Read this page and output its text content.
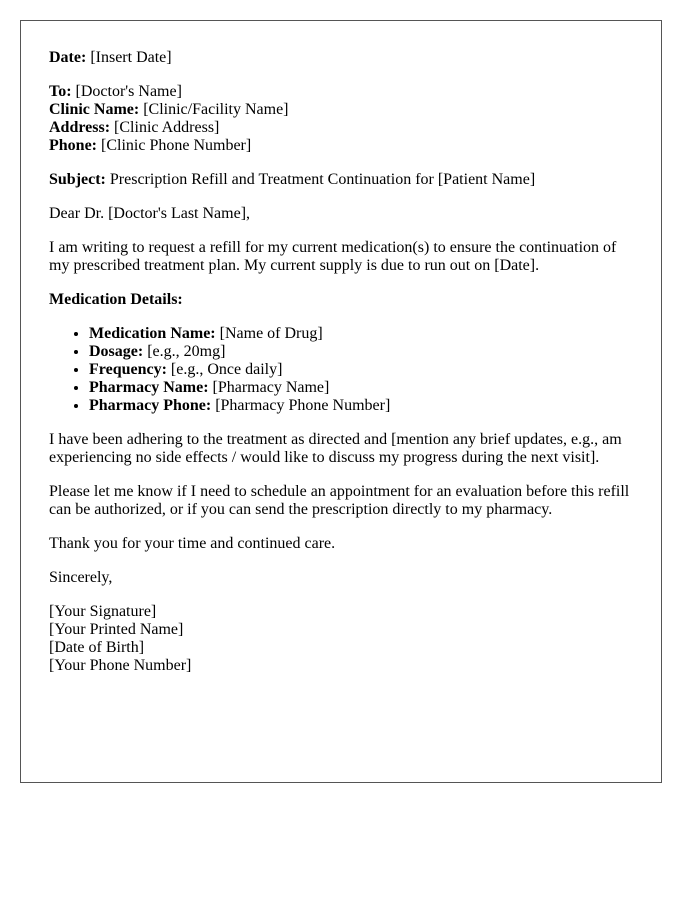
Date: [Insert Date]

To: [Doctor's Name]
Clinic Name: [Clinic/Facility Name]
Address: [Clinic Address]
Phone: [Clinic Phone Number]

Subject: Prescription Refill and Treatment Continuation for [Patient Name]

Dear Dr. [Doctor's Last Name],

I am writing to request a refill for my current medication(s) to ensure the continuation of my prescribed treatment plan. My current supply is due to run out on [Date].

Medication Details:

• Medication Name: [Name of Drug]
• Dosage: [e.g., 20mg]
• Frequency: [e.g., Once daily]
• Pharmacy Name: [Pharmacy Name]
• Pharmacy Phone: [Pharmacy Phone Number]

I have been adhering to the treatment as directed and [mention any brief updates, e.g., am experiencing no side effects / would like to discuss my progress during the next visit].

Please let me know if I need to schedule an appointment for an evaluation before this refill can be authorized, or if you can send the prescription directly to my pharmacy.

Thank you for your time and continued care.

Sincerely,

[Your Signature]
[Your Printed Name]
[Date of Birth]
[Your Phone Number]
